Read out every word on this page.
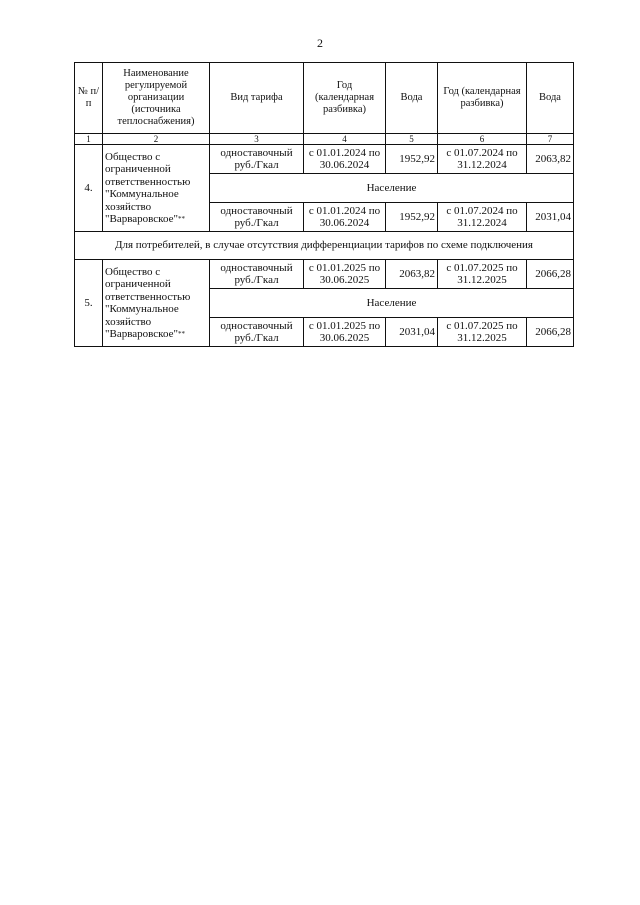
2
№ п/п	Наименование регулируемой организации (источника теплоснабжения)	Вид тарифа	Год (календарная разбивка)	Вода	Год (календарная разбивка)	Вода
1	2	3	4	5	6	7
4.	Общество с ограниченной ответственностью "Коммунальное хозяйство "Варваровское"**	одноставочный руб./Гкал	с 01.01.2024 по 30.06.2024	1952,92	с 01.07.2024 по 31.12.2024	2063,82
		Население				
		одноставочный руб./Гкал	с 01.01.2024 по 30.06.2024	1952,92	с 01.07.2024 по 31.12.2024	2031,04
Для потребителей, в случае отсутствия дифференциации тарифов по схеме подключения						
5.	Общество с ограниченной ответственностью "Коммунальное хозяйство "Варваровское"**	одноставочный руб./Гкал	с 01.01.2025 по 30.06.2025	2063,82	с 01.07.2025 по 31.12.2025	2066,28
		Население				
		одноставочный руб./Гкал	с 01.01.2025 по 30.06.2025	2031,04	с 01.07.2025 по 31.12.2025	2066,28
